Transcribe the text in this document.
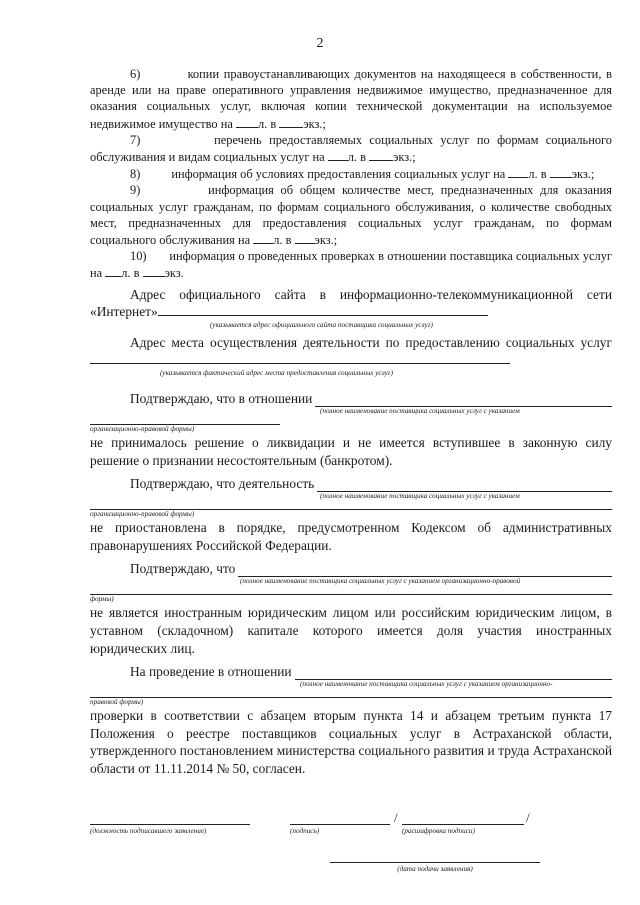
2

6)	копии правоустанавливающих документов на находящееся в собственности, в аренде или на праве оперативного управления недвижимое имущество, предназначенное для оказания социальных услуг, включая копии технической документации на используемое недвижимое имущество на л. в экз.;

7)	перечень предоставляемых социальных услуг по формам социального обслуживания и видам социальных услуг на л. в экз.;

8) информация об условиях предоставления социальных услуг на л. в экз.;

9)	информация об общем количестве мест, предназначенных для оказания социальных услуг гражданам, по формам социального обслуживания, о количестве свободных мест, предназначенных для предоставления социальных услуг гражданам, по формам социального обслуживания на л. в экз.;

10) информация о проведенных проверках в отношении поставщика социальных услуг на л. в экз.

Адрес официального сайта в информационно-телекоммуникационной сети «Интернет»

(указывается адрес официального сайта поставщика социальных услуг)

Адрес места осуществления деятельности по предоставлению социальных услуг

(указывается фактический адрес места предоставления социальных услуг)
Подтверждаю, что в отношении
(полное наименование поставщика социальных услуг с указанием
организационно-правовой формы)

не принималось решение о ликвидации и не имеется вступившее в законную силу решение о признании несостоятельным (банкротом).

Подтверждаю, что деятельность
(полное наименование поставщика социальных услуг с указанием
организационно-правовой формы)

не приостановлена в порядке, предусмотренном Кодексом об административных правонарушениях Российской Федерации.

Подтверждаю, что
(полное наименование поставщика социальных услуг с указанием организационно-правовой
формы)

не является иностранным юридическим лицом или российским юридическим лицом, в уставном (складочном) капитале которого имеется доля участия иностранных юридических лиц.

На проведение в отношении
(полное наименование поставщика социальных услуг с указанием организационно-
правовой формы)

проверки в соответствии с абзацем вторым пункта 14 и абзацем третьим пункта 17 Положения о реестре поставщиков социальных услуг в Астраханской области, утвержденного постановлением министерства социального развития и труда Астраханской области от 11.11.2014 № 50, согласен.

(должность подписавшего заявление)	(подпись)
/
(расшифровка подписи)
/
(дата подачи заявления)
